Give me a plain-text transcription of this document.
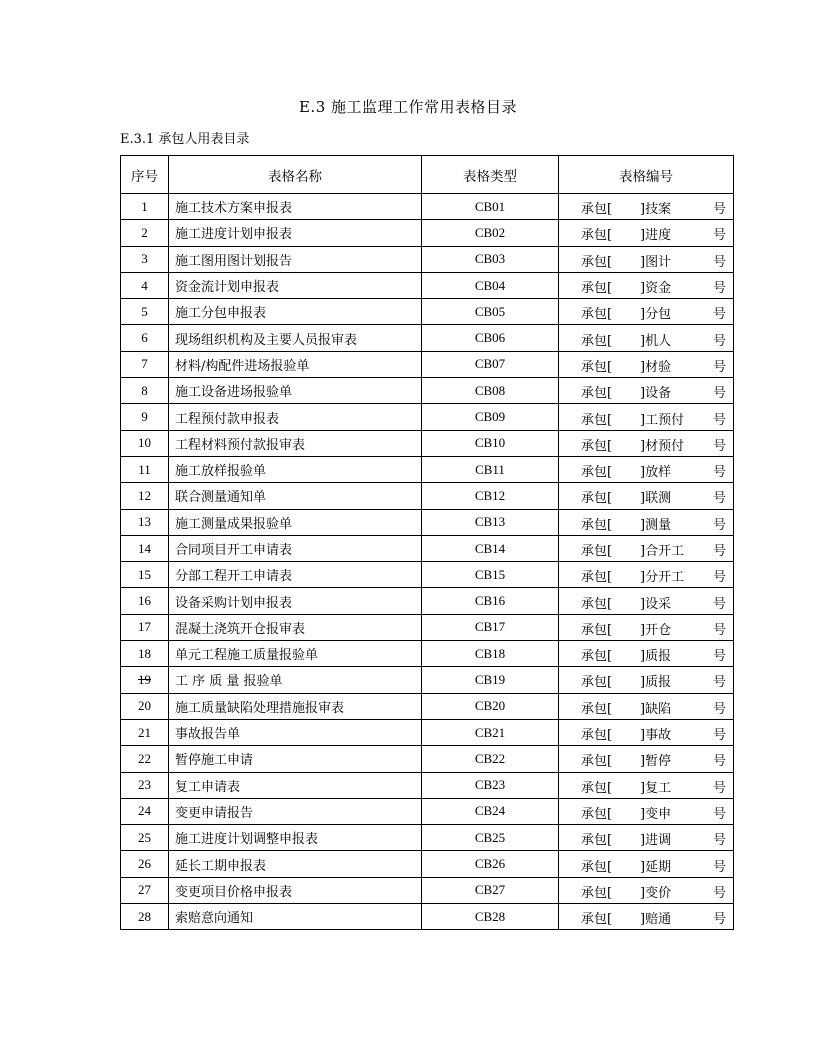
E.3 施工监理工作常用表格目录
E.3.1 承包人用表目录
序号	表格名称	表格类型	表格编号
1	施工技术方案申报表	CB01	承包[ ]技案 号

2	施工进度计划申报表	CB02	承包[ ]进度 号

3	施工图用图计划报告	CB03	承包[ ]图计 号

4	资金流计划申报表	CB04	承包[ ]资金 号

5	施工分包申报表	CB05	承包[ ]分包 号

6	现场组织机构及主要人员报审表	CB06	承包[ ]机人 号

7	材料/构配件进场报验单	CB07	承包[ ]材验 号

8	施工设备进场报验单	CB08	承包[ ]设备 号

9	工程预付款申报表	CB09	承包[ ]工预付 号

10	工程材料预付款报审表	CB10	承包[ ]材预付 号

11	施工放样报验单	CB11	承包[ ]放样 号

12	联合测量通知单	CB12	承包[ ]联测 号

13	施工测量成果报验单	CB13	承包[ ]测量 号

14	合同项目开工申请表	CB14	承包[ ]合开工 号

15	分部工程开工申请表	CB15	承包[ ]分开工 号

16	设备采购计划申报表	CB16	承包[ ]设采 号

17	混凝土浇筑开仓报审表	CB17	承包[ ]开仓 号

18	单元工程施工质量报验单	CB18	承包[ ]质报 号

19	工 序 质 量 报验单	CB19	承包[ ]质报 号

20	施工质量缺陷处理措施报审表	CB20	承包[ ]缺陷 号

21	事故报告单	CB21	承包[ ]事故 号

22	暂停施工申请	CB22	承包[ ]暂停 号

23	复工申请表	CB23	承包[ ]复工 号

24	变更申请报告	CB24	承包[ ]变申 号

25	施工进度计划调整申报表	CB25	承包[ ]进调 号

26	延长工期申报表	CB26	承包[ ]延期 号

27	变更项目价格申报表	CB27	承包[ ]变价 号

28	索赔意向通知	CB28	承包[ ]赔通 号
